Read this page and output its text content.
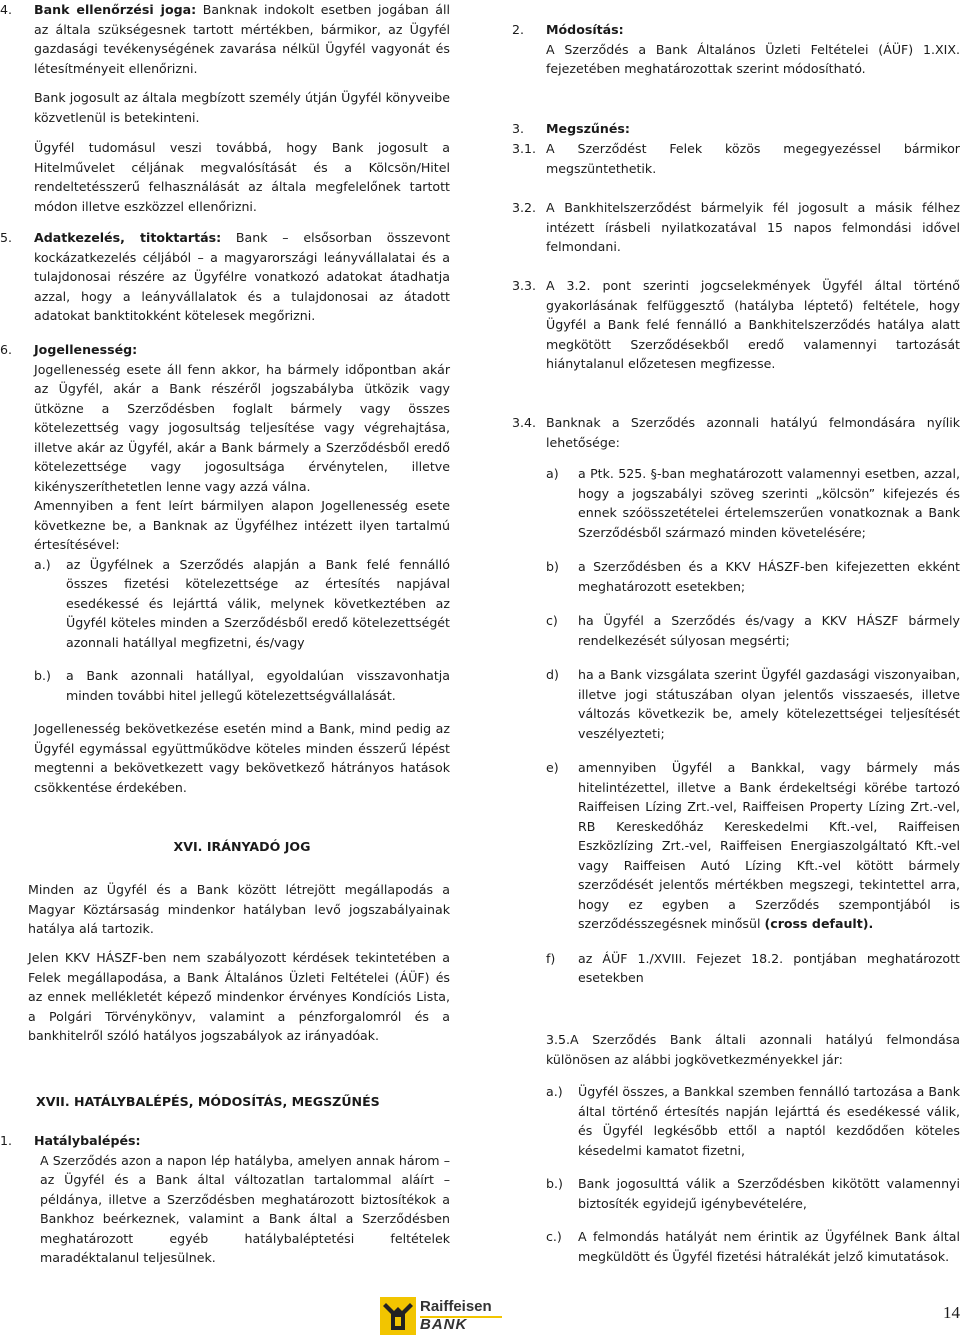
4. Bank ellenőrzési joga: Banknak indokolt esetben jogában áll az általa szükségesnek tartott mértékben, bármikor, az Ügyfél gazdasági tevékenységének zavarása nélkül Ügyfél vagyonát és létesítményeit ellenőrizni.
Bank jogosult az általa megbízott személy útján Ügyfél könyveibe közvetlenül is betekinteni.
Ügyfél tudomásul veszi továbbá, hogy Bank jogosult a Hitelművelet céljának megvalósítását és a Kölcsön/Hitel rendeltetésszerű felhasználását az általa megfelelőnek tartott módon illetve eszközzel ellenőrizni.
5. Adatkezelés, titoktartás: Bank – elsősorban összevont kockázatkezelés céljából – a magyarországi leányvállalatai és a tulajdonosai részére az Ügyfélre vonatkozó adatokat átadhatja azzal, hogy a leányvállalatok és a tulajdonosai az átadott adatokat banktitokként kötelesek megőrizni.
6. Jogellenesség:
Jogellenesség esete áll fenn akkor, ha bármely időpontban akár az Ügyfél, akár a Bank részéről jogszabályba ütközik vagy ütközne a Szerződésben foglalt bármely vagy összes kötelezettség vagy jogosultság teljesítése vagy végrehajtása, illetve akár az Ügyfél, akár a Bank bármely a Szerződésből eredő kötelezettsége vagy jogosultsága érvénytelen, illetve kikényszeríthetetlen lenne vagy azzá válna.
Amennyiben a fent leírt bármilyen alapon Jogellenesség esete következne be, a Banknak az Ügyfélhez intézett ilyen tartalmú értesítésével:
a.) az Ügyfélnek a Szerződés alapján a Bank felé fennálló összes fizetési kötelezettsége az értesítés napjával esedékessé és lejárttá válik, melynek következtében az Ügyfél köteles minden a Szerződésből eredő kötelezettségét azonnali hatállyal megfizetni, és/vagy
b.) a Bank azonnali hatállyal, egyoldalúan visszavonhatja minden további hitel jellegű kötelezettségvállalását.
Jogellenesség bekövetkezése esetén mind a Bank, mind pedig az Ügyfél egymással együttműködve köteles minden ésszerű lépést megtenni a bekövetkezett vagy bekövetkező hátrányos hatások csökkentése érdekében.
XVI. IRÁNYADÓ JOG
Minden az Ügyfél és a Bank között létrejött megállapodás a Magyar Köztársaság mindenkor hatályban levő jogszabályainak hatálya alá tartozik.
Jelen KKV HÁSZF-ben nem szabályozott kérdések tekintetében a Felek megállapodása, a Bank Általános Üzleti Feltételei (ÁÜF) és az ennek mellékletét képező mindenkor érvényes Kondíciós Lista, a Polgári Törvénykönyv, valamint a pénzforgalomról és a bankhitelről szóló hatályos jogszabályok az irányadóak.
XVII. HATÁLYBALÉPÉS, MÓDOSÍTÁS, MEGSZŰNÉS
1. Hatálybalépés:
A Szerződés azon a napon lép hatályba, amelyen annak három – az Ügyfél és a Bank által változatlan tartalommal aláírt – példánya, illetve a Szerződésben meghatározott biztosítékok a Bankhoz beérkeznek, valamint a Bank által a Szerződésben meghatározott egyéb hatálybaléptetési feltételek maradéktalanul teljesülnek.
2. Módosítás:
A Szerződés a Bank Általános Üzleti Feltételei (ÁÜF) 1.XIX. fejezetében meghatározottak szerint módosítható.
3. Megszűnés:
3.1. A Szerződést Felek közös megegyezéssel bármikor megszüntethetik.
3.2. A Bankhitelszerződést bármelyik fél jogosult a másik félhez intézett írásbeli nyilatkozatával 15 napos felmondási idővel felmondani.
3.3. A 3.2. pont szerinti jogcselekmények Ügyfél által történő gyakorlásának felfüggesztő (hatályba léptető) feltétele, hogy Ügyfél a Bank felé fennálló a Bankhitelszerződés hatálya alatt megkötött Szerződésekből eredő valamennyi tartozását hiánytalanul előzetesen megfizesse.
3.4. Banknak a Szerződés azonnali hatályú felmondására nyílik lehetősége:
a) a Ptk. 525. §-ban meghatározott valamennyi esetben, azzal, hogy a jogszabályi szöveg szerinti „kölcsön” kifejezés és ennek szóösszetételei értelemszerűen vonatkoznak a Bank Szerződésből származó minden követelésére;
b) a Szerződésben és a KKV HÁSZF-ben kifejezetten ekként meghatározott esetekben;
c) ha Ügyfél a Szerződés és/vagy a KKV HÁSZF bármely rendelkezését súlyosan megsérti;
d) ha a Bank vizsgálata szerint Ügyfél gazdasági viszonyaiban, illetve jogi státuszában olyan jelentős visszaesés, illetve változás következik be, amely kötelezettségei teljesítését veszélyezteti;
e) amennyiben Ügyfél a Bankkal, vagy bármely más hitelintézettel, illetve a Bank érdekeltségi körébe tartozó Raiffeisen Lízing Zrt.-vel, Raiffeisen Property Lízing Zrt.-vel, RB Kereskedőház Kereskedelmi Kft.-vel, Raiffeisen Eszközlízing Zrt.-vel, Raiffeisen Energiaszolgáltató Kft.-vel vagy Raiffeisen Autó Lízing Kft.-vel kötött bármely szerződését jelentős mértékben megszegi, tekintettel arra, hogy ez egyben a Szerződés szempontjából is szerződésszegésnek minősül (cross default).
f) az ÁÜF 1./XVIII. Fejezet 18.2. pontjában meghatározott esetekben
3.5.A Szerződés Bank általi azonnali hatályú felmondása különösen az alábbi jogkövetkezményekkel jár:
a.) Ügyfél összes, a Bankkal szemben fennálló tartozása a Bank által történő értesítés napján lejárttá és esedékessé válik, és Ügyfél legkésőbb ettől a naptól kezdődően köteles késedelmi kamatot fizetni,
b.) Bank jogosulttá válik a Szerződésben kikötött valamennyi biztosíték egyidejű igénybevételére,
c.) A felmondás hatályát nem érintik az Ügyfélnek Bank által megküldött és Ügyfél fizetési hátralékát jelző kimutatások.
Raiffeisen
BANK
14
